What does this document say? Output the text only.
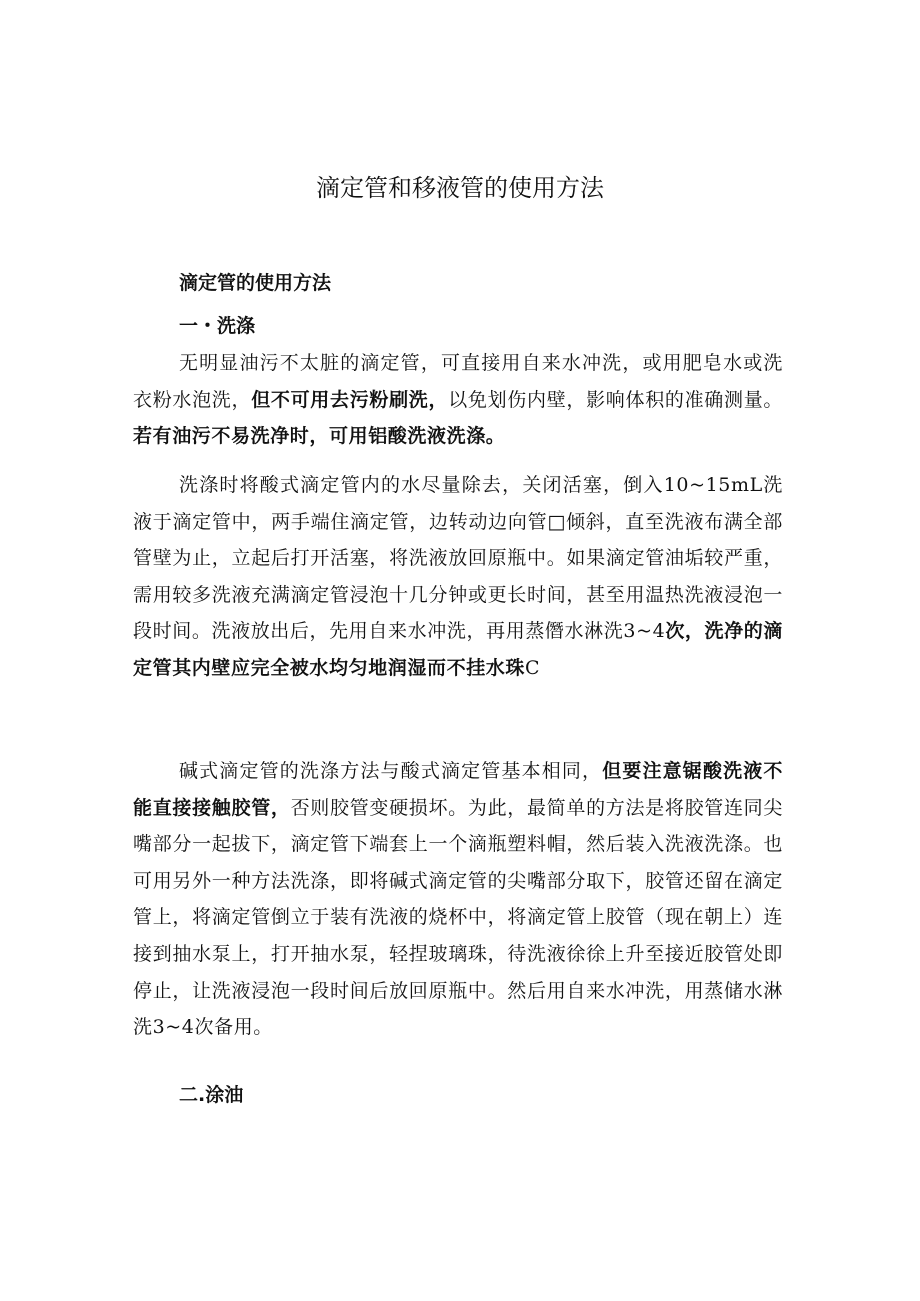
滴定管和移液管的使用方法
滴定管的使用方法
一・洗涤

无明显油污不太脏的滴定管，可直接用自来水冲洗，或用肥皂水或洗衣粉水泡洗，但不可用去污粉刷洗，以免划伤内壁，影响体积的准确测量。若有油污不易洗净时，可用铝酸洗液洗涤。

洗涤时将酸式滴定管内的水尽量除去，关闭活塞，倒入10~15mL洗液于滴定管中，两手端住滴定管，边转动边向管□倾斜，直至洗液布满全部管壁为止，立起后打开活塞，将洗液放回原瓶中。如果滴定管油垢较严重，需用较多洗液充满滴定管浸泡十几分钟或更长时间，甚至用温热洗液浸泡一段时间。洗液放出后，先用自来水冲洗，再用蒸僭水淋洗3~4次，洗净的滴定管其内壁应完全被水均匀地润湿而不挂水珠C

碱式滴定管的洗涤方法与酸式滴定管基本相同，但要注意锯酸洗液不能直接接触胶管，否则胶管变硬损坏。为此，最简单的方法是将胶管连同尖嘴部分一起拔下，滴定管下端套上一个滴瓶塑料帽，然后装入洗液洗涤。也可用另外一种方法洗涤，即将碱式滴定管的尖嘴部分取下，胶管还留在滴定管上，将滴定管倒立于装有洗液的烧杯中，将滴定管上胶管（现在朝上）连接到抽水泵上，打开抽水泵，轻捏玻璃珠，待洗液徐徐上升至接近胶管处即停止，让洗液浸泡一段时间后放回原瓶中。然后用自来水冲洗，用蒸储水淋洗3~4次备用。

二.涂油
